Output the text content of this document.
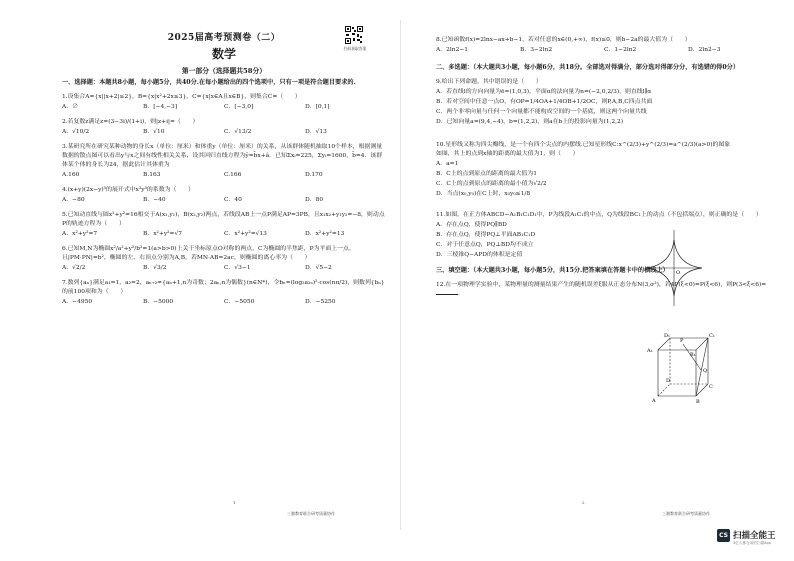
2025届高考预测卷（二）
数学
第一部分（选择题共58分）
一、选择题：本题共8小题，每小题5分，共40分.在每小题给出的四个选项中，只有一项是符合题目要求的.
1.设集合A={x||x+2|≤2}，B={x|x²+2x≤3}，C={x|x∈A且x∈B}，则集合C=（　　）
A．∅	B．[−4,−3]	C．[−3,0]	D．[0,1]
2.若复数z满足z=(3−3i)/(1+i)，则|z+i|=（　　）
A．√10/2	B．√10	C．√13/2	D．√13
3.某研究所在研究某种动物的身长x（单位：厘米）和体重y（单位：厘米）的关系，从该群体随机抽取10个样本，根据测量数据的散点图可以看出y与x之间有线性相关关系，设其回归直线方程为ŷ=b̂x+â．已知Σxᵢ=225，Σyᵢ=1600，b̂=4．该群体某个体的身长为24，据此估计其体重为
A.160	B.163	C.166	D.170
4.(x+y)(2x−y)⁵的展开式中x³y³的系数为（　　）
A．−80	B．−40	C．40	D．80
5.已知动直线与圆x²+y²=16相交于A(x₁,y₁)，B(x₂,y₂)两点，若线段AB上一点P满足AP=3PB，且x₁x₂+y₁y₂=−8，则动点P的轨迹方程为（　　）
A．x²+y²=7	B．x²+y²=√7	C．x²+y²=√13	D．x²+y²=13
6.已知M,N为椭圆x²/a²+y²/b²=1(a>b>0)上关于坐标原点O对称的两点，C为椭圆的半焦距，P为平面上一点，且|PM·PN|=b²，椭圆的左、右顶点分别为A,B，若MN·AB=2ac，则椭圆的离心率为（　　）
A．√2/2	B．√3/2	C．√3−1	D．√5−2
7.数列{aₙ}满足a₁=1，a₂=2，aₙ₊₂={aₙ+1,n为奇数；2aₙ,n为偶数}(n∈N*)，令bₙ=(log₂a₂ₙ)²·cos(nπ/2)，则数列{bₙ}的前100项和为（　　）
A．−4950	B．−5000	C．−5050	D．−5250
扫码获取答案
8.已知函数f(x)=2lnx−ax+b−1，若对任意的x∈(0,+∞)，f(x)≤0，则b−2a的最大值为（　　）
A．2ln2−1	B．3−2ln2	C．1−2ln2	D．2ln2−3
二、多选题：（本大题共3小题，每小题6分，共18分。全部选对得满分，部分选对得部分分，有选错的得0分）
9.给出下列命题，其中错误的是（　　）
A．若直线l的方向向量为ē=(1,0,3)，平面α的法向量为n=(−2,0,2/3)，则直线l∥α
B．若对空间中任意一点O，有OP=1/4OA+1/4OB+1/2OC，则P,A,B,C四点共面
C．两个非零向量与任何一个向量都不能构成空间的一个基底，则这两个向量共线
D．已知向量a=(9,4,−4)，b=(1,2,2)，则a在b上的投影向量为(1,2,2)
10.星形线又称为四尖瓣线，是一个有四个尖点的内摆线.已知星形线C:x^(2/3)+y^(2/3)=a^(2/3)(a>0)的图象如图，其上的点到x轴的距离的最大值为1，则（　　）
A．a=1
B．C上的点到原点的距离的最大值为1
C．C上的点到原点的距离的最小值为√2/2
D．当点(x₀,y₀)在C上时，x₀y₀≤1/8
11.如图，在正方体ABCD−A₁B₁C₁D₁中，P为线段A₁C₁的中点，Q为线段BC₁上的动点（不包括端点），则正确的是（　　）
A．存在点Q，使得PQ∥BD
B．存在点Q，使得PQ⊥平面AB₁C₁D
C．对于任意点Q，PQ⊥BD均不成立
D．三棱锥Q−APD的体积是定值
三、填空题：（本大题共3小题，每小题5分，共15分.把答案填在答题卡中的横线上）
12.在一项物理学实验中，某物理量的测量结果产生的随机误差ξ服从正态分布N(3,σ²)，若4P(ξ<0)=P(ξ<6)，则P(3<ξ<6)=.
O
A₁
D₁	C₁
B₁
P
Q
D
C
A	B
1
三湘教育联合研考质量协作
2
三湘教育联合研考质量协作
CS 扫描全能王
3亿人都在用的扫描App
